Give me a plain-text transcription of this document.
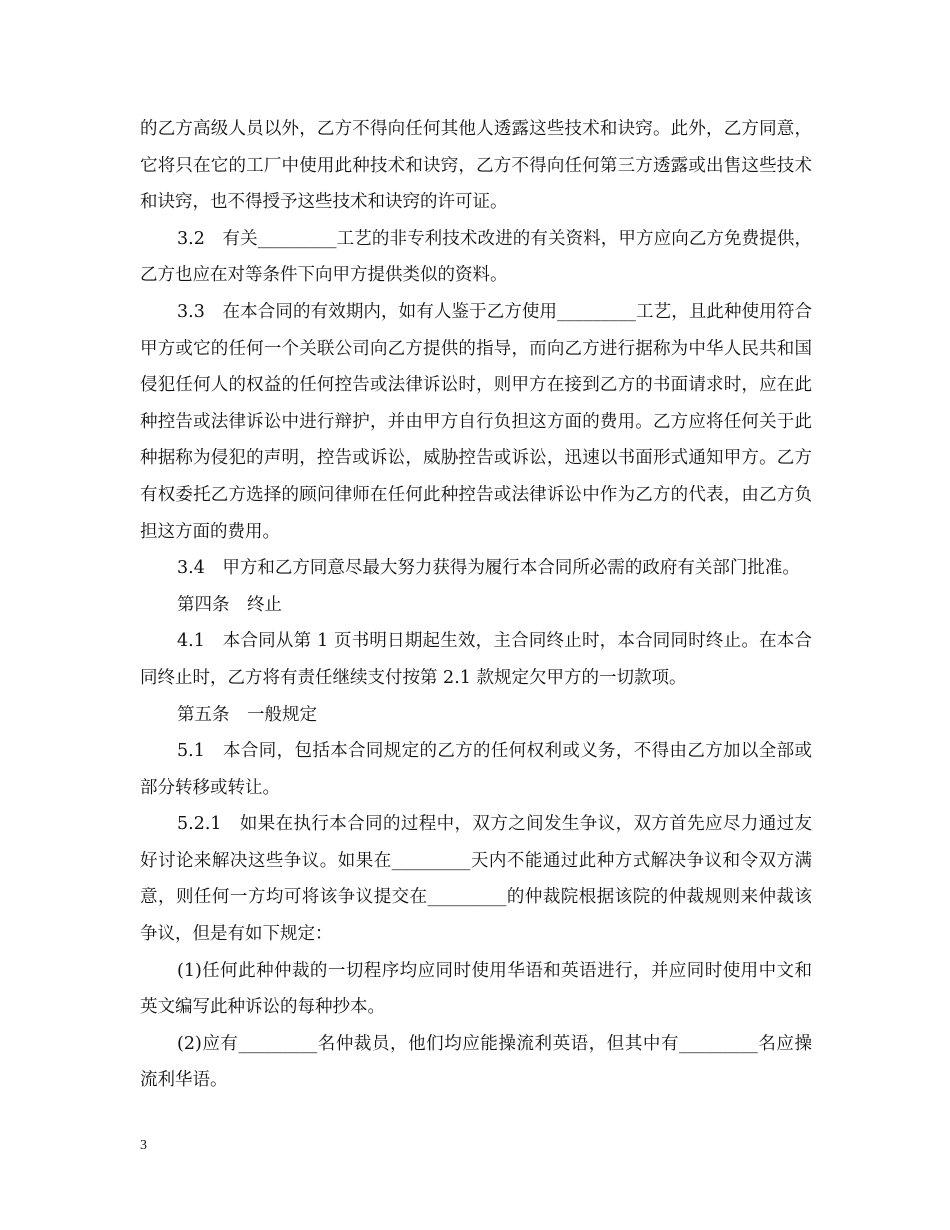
的乙方高级人员以外，乙方不得向任何其他人透露这些技术和诀窍。此外，乙方同意，它将只在它的工厂中使用此种技术和诀窍，乙方不得向任何第三方透露或出售这些技术和诀窍，也不得授予这些技术和诀窍的许可证。

3.2　有关_________工艺的非专利技术改进的有关资料，甲方应向乙方免费提供，乙方也应在对等条件下向甲方提供类似的资料。

3.3　在本合同的有效期内，如有人鉴于乙方使用_________工艺，且此种使用符合甲方或它的任何一个关联公司向乙方提供的指导，而向乙方进行据称为中华人民共和国侵犯任何人的权益的任何控告或法律诉讼时，则甲方在接到乙方的书面请求时，应在此种控告或法律诉讼中进行辩护，并由甲方自行负担这方面的费用。乙方应将任何关于此种据称为侵犯的声明，控告或诉讼，威胁控告或诉讼，迅速以书面形式通知甲方。乙方有权委托乙方选择的顾问律师在任何此种控告或法律诉讼中作为乙方的代表，由乙方负担这方面的费用。

3.4　甲方和乙方同意尽最大努力获得为履行本合同所必需的政府有关部门批准。

第四条　终止

4.1　本合同从第 1 页书明日期起生效，主合同终止时，本合同同时终止。在本合同终止时，乙方将有责任继续支付按第 2.1 款规定欠甲方的一切款项。

第五条　一般规定

5.1　本合同，包括本合同规定的乙方的任何权利或义务，不得由乙方加以全部或部分转移或转让。

5.2.1　如果在执行本合同的过程中，双方之间发生争议，双方首先应尽力通过友好讨论来解决这些争议。如果在_________天内不能通过此种方式解决争议和令双方满意，则任何一方均可将该争议提交在_________的仲裁院根据该院的仲裁规则来仲裁该争议，但是有如下规定：

(1)任何此种仲裁的一切程序均应同时使用华语和英语进行，并应同时使用中文和英文编写此种诉讼的每种抄本。

(2)应有_________名仲裁员，他们均应能操流利英语，但其中有_________名应操流利华语。

3
